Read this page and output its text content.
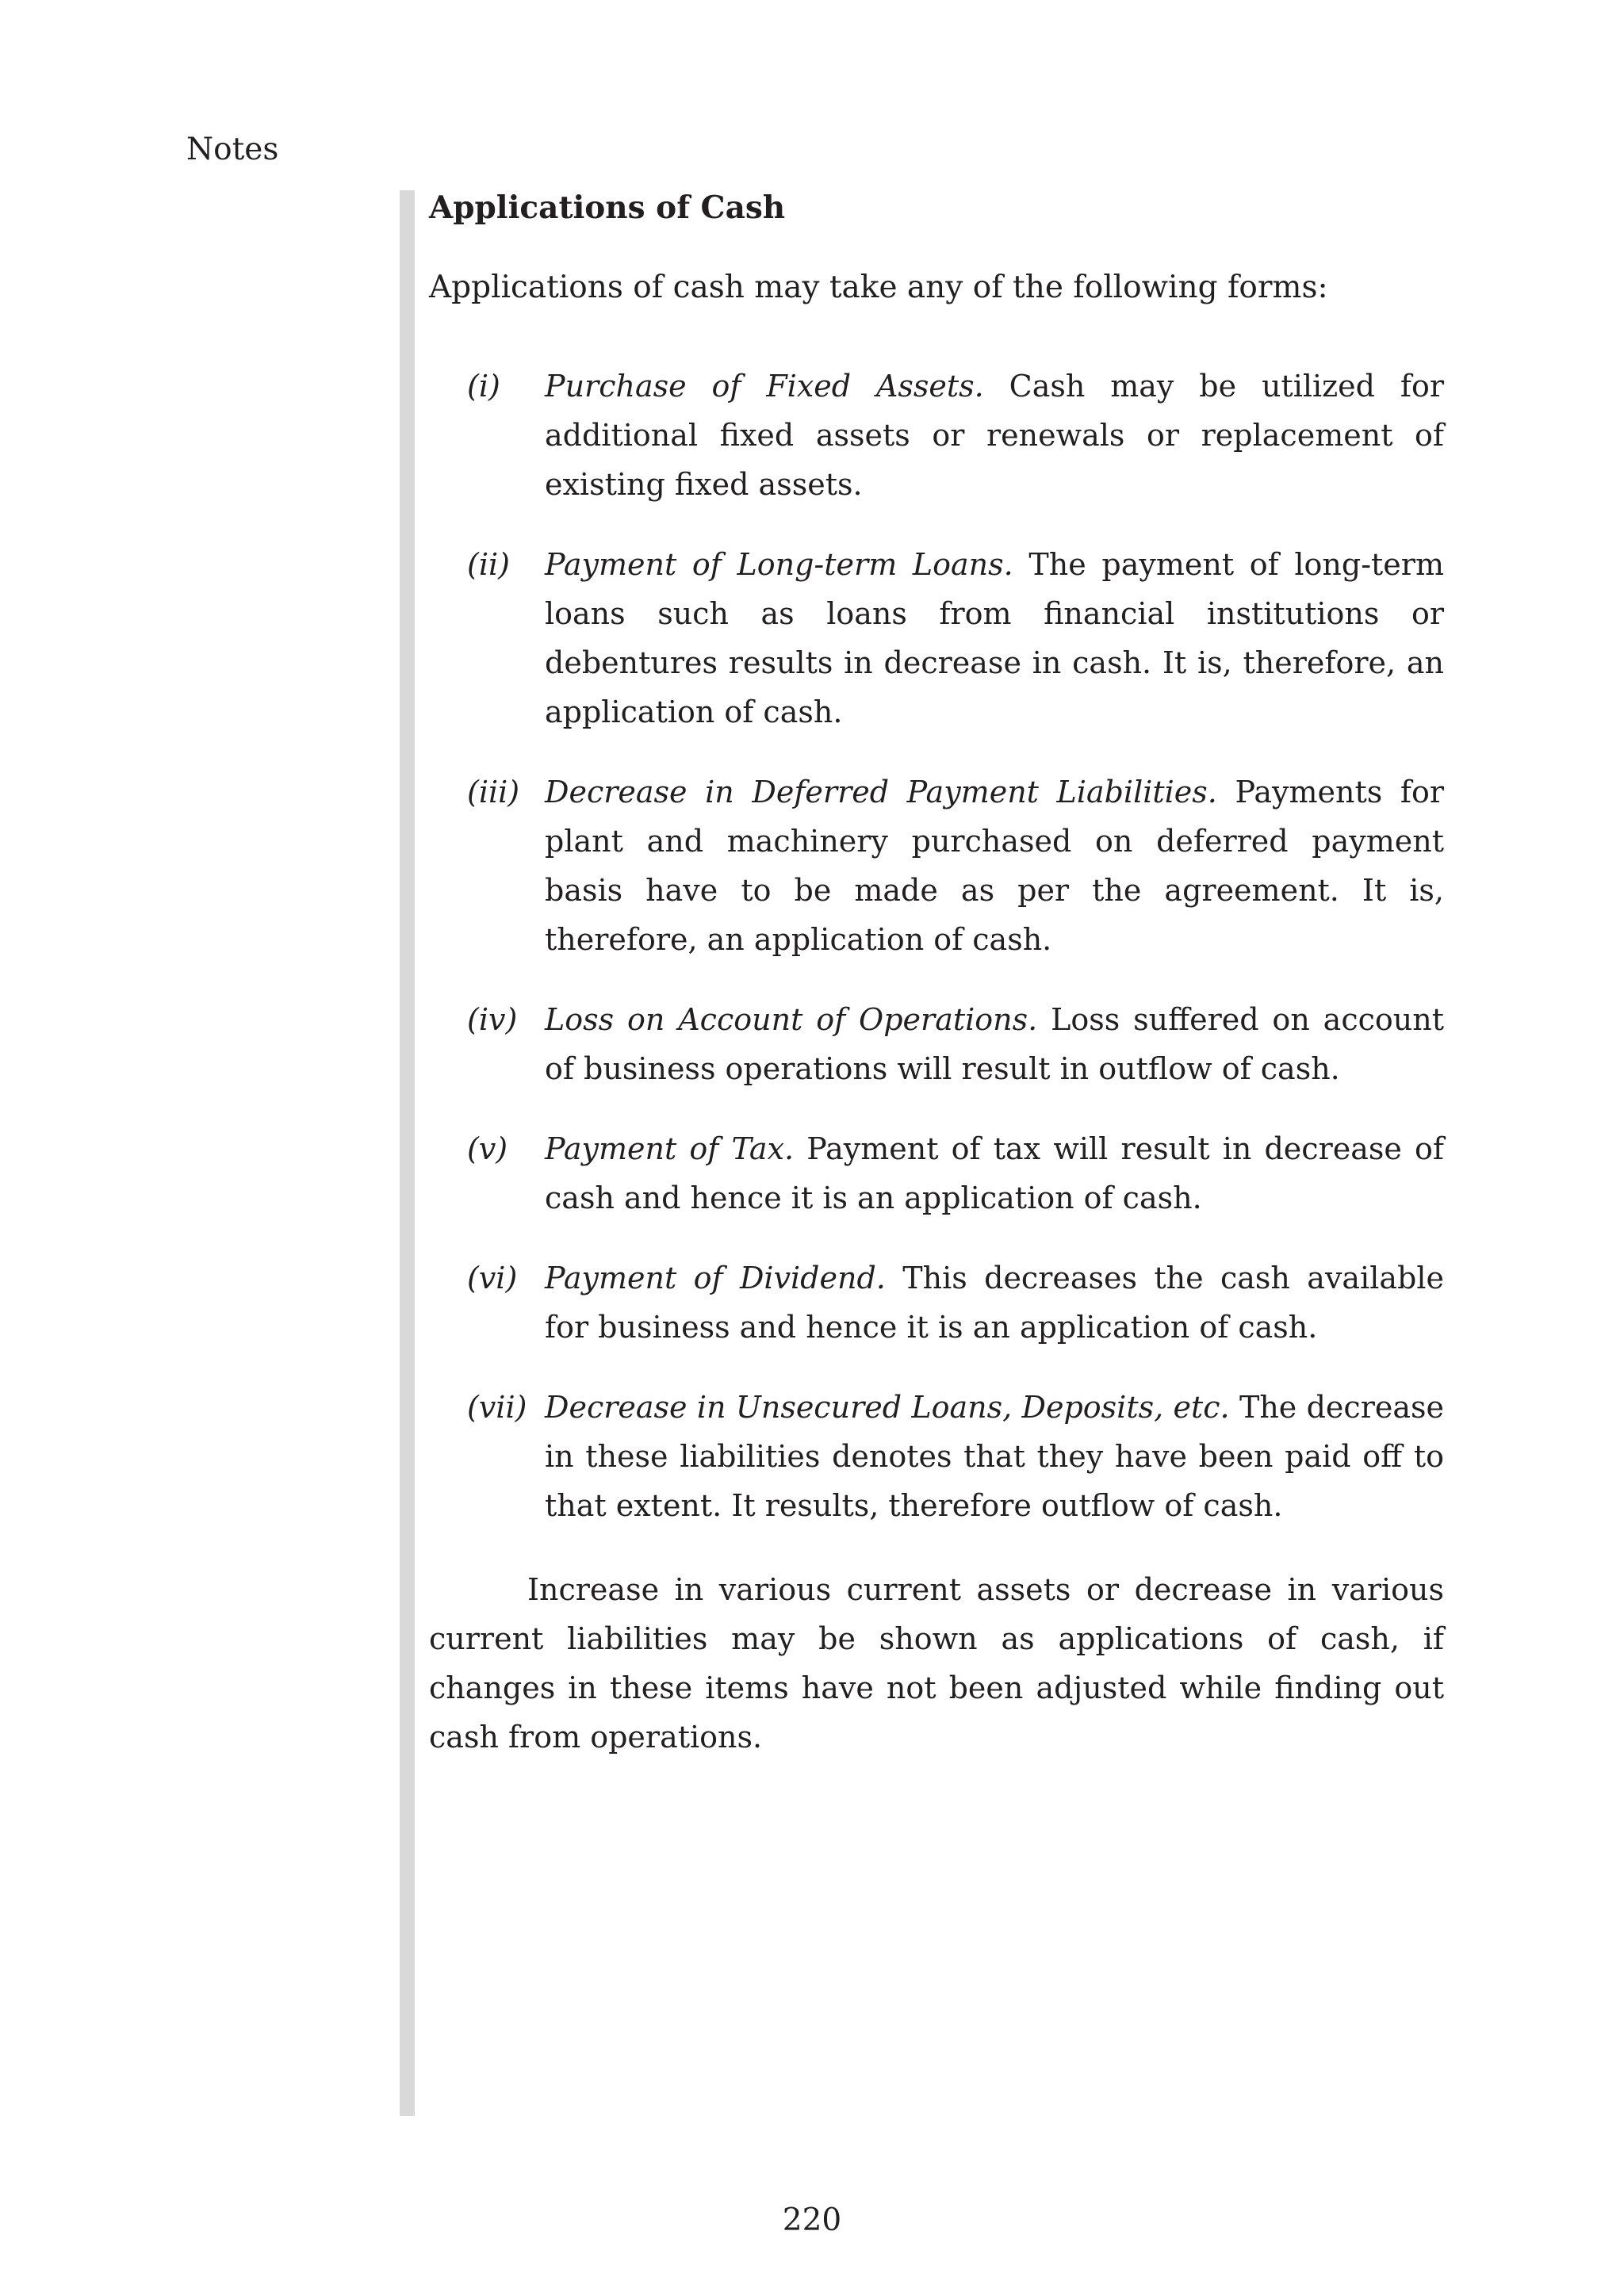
Notes
Applications of Cash

Applications of cash may take any of the following forms:

(i)	Purchase of Fixed Assets. Cash may be utilized for additional fixed assets or renewals or replacement of existing fixed assets.
(ii)	Payment of Long-term Loans. The payment of long-term loans such as loans from financial institutions or debentures results in decrease in cash. It is, therefore, an application of cash.
(iii) Decrease in Deferred Payment Liabilities. Payments for plant and machinery purchased on deferred payment basis have to be made as per the agreement. It is, therefore, an application of cash.
(iv) Loss on Account of Operations. Loss suffered on account of business operations will result in outflow of cash.
(v)	Payment of Tax. Payment of tax will result in decrease of cash and hence it is an application of cash.
(vi) Payment of Dividend. This decreases the cash available for business and hence it is an application of cash.
(vii) Decrease in Unsecured Loans, Deposits, etc. The decrease in these liabilities denotes that they have been paid off to that extent. It results, therefore outflow of cash.

Increase in various current assets or decrease in various current liabilities may be shown as applications of cash, if changes in these items have not been adjusted while finding out cash from operations.

220
